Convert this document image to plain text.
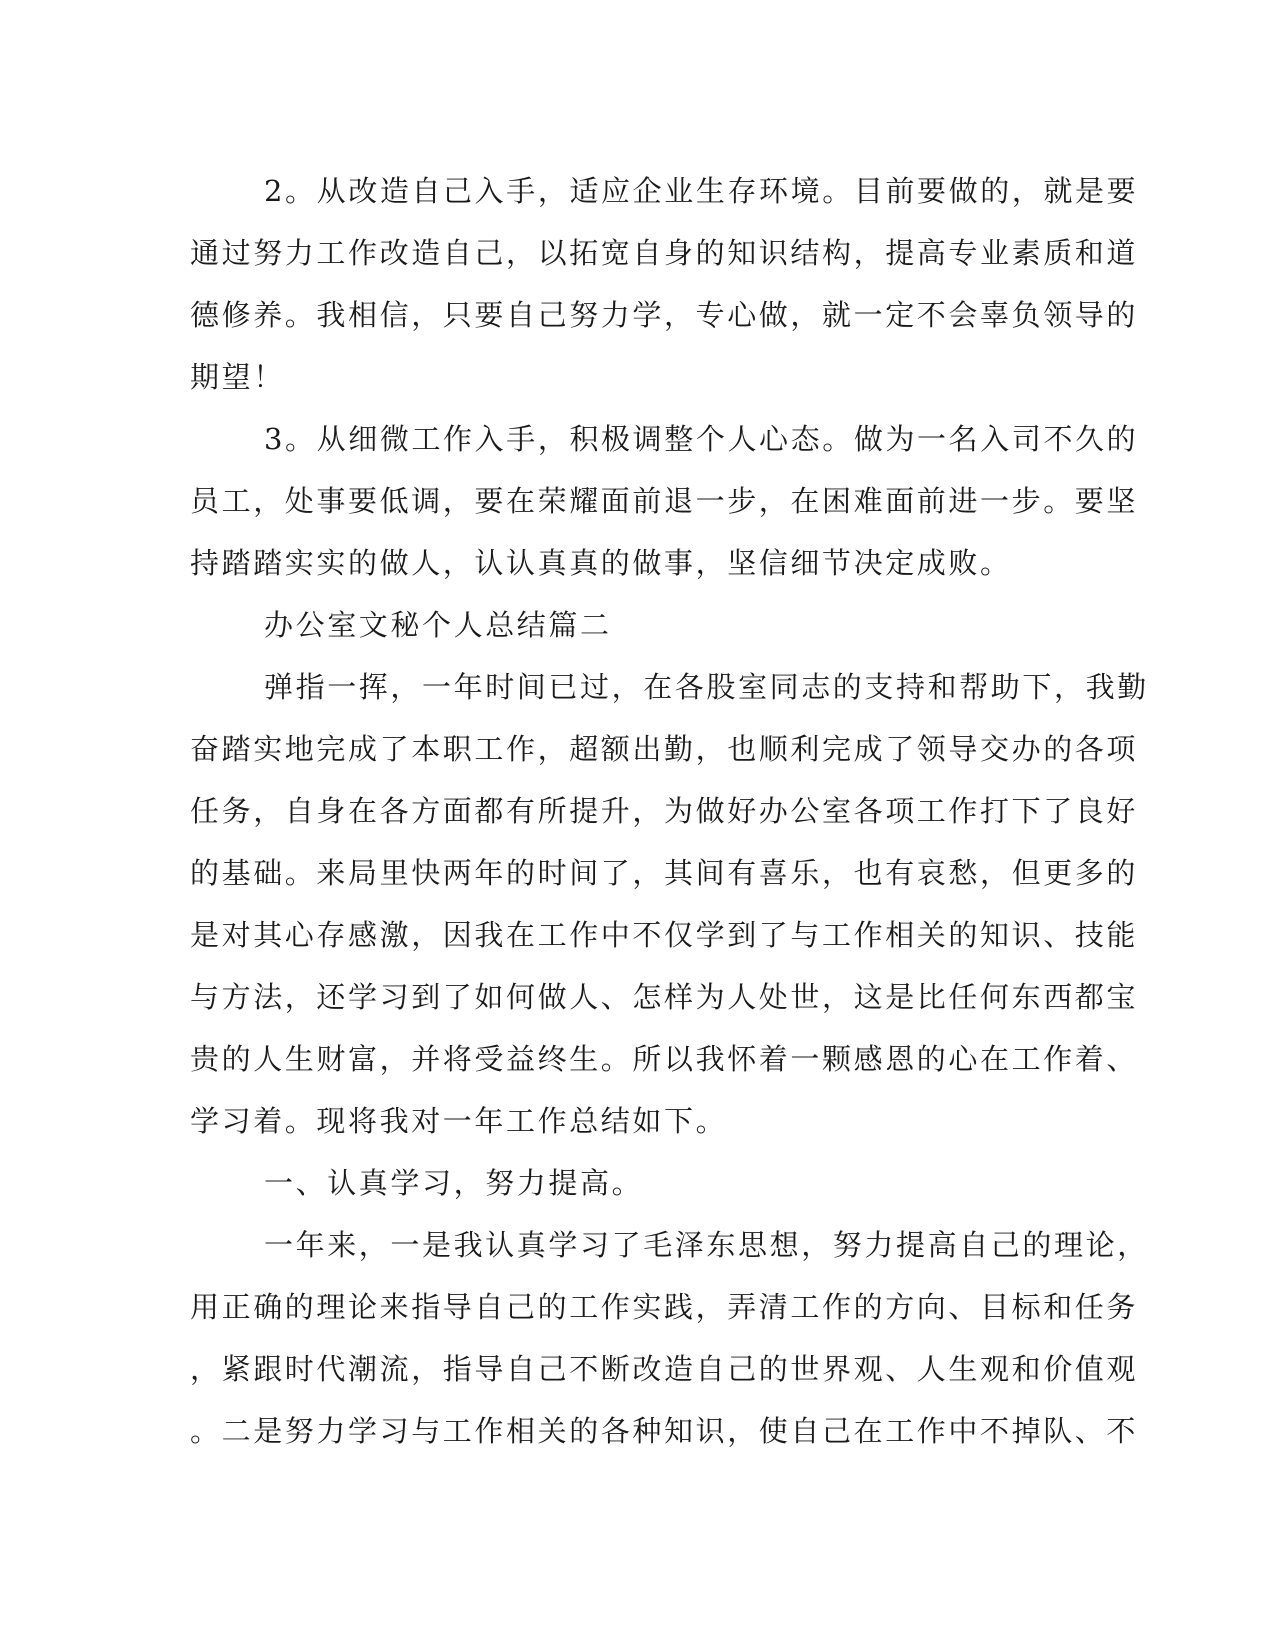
2。从改造自己入手，适应企业生存环境。目前要做的，就是要
通过努力工作改造自己，以拓宽自身的知识结构，提高专业素质和道
德修养。我相信，只要自己努力学，专心做，就一定不会辜负领导的
期望！
3。从细微工作入手，积极调整个人心态。做为一名入司不久的
员工，处事要低调，要在荣耀面前退一步，在困难面前进一步。要坚
持踏踏实实的做人，认认真真的做事，坚信细节决定成败。
办公室文秘个人总结篇二
弹指一挥，一年时间已过，在各股室同志的支持和帮助下，我勤
奋踏实地完成了本职工作，超额出勤，也顺利完成了领导交办的各项
任务，自身在各方面都有所提升，为做好办公室各项工作打下了良好
的基础。来局里快两年的时间了，其间有喜乐，也有哀愁，但更多的
是对其心存感激，因我在工作中不仅学到了与工作相关的知识、技能
与方法，还学习到了如何做人、怎样为人处世，这是比任何东西都宝
贵的人生财富，并将受益终生。所以我怀着一颗感恩的心在工作着、
学习着。现将我对一年工作总结如下。
一、认真学习，努力提高。
一年来，一是我认真学习了毛泽东思想，努力提高自己的理论，
用正确的理论来指导自己的工作实践，弄清工作的方向、目标和任务
，紧跟时代潮流，指导自己不断改造自己的世界观、人生观和价值观
。二是努力学习与工作相关的各种知识，使自己在工作中不掉队、不
